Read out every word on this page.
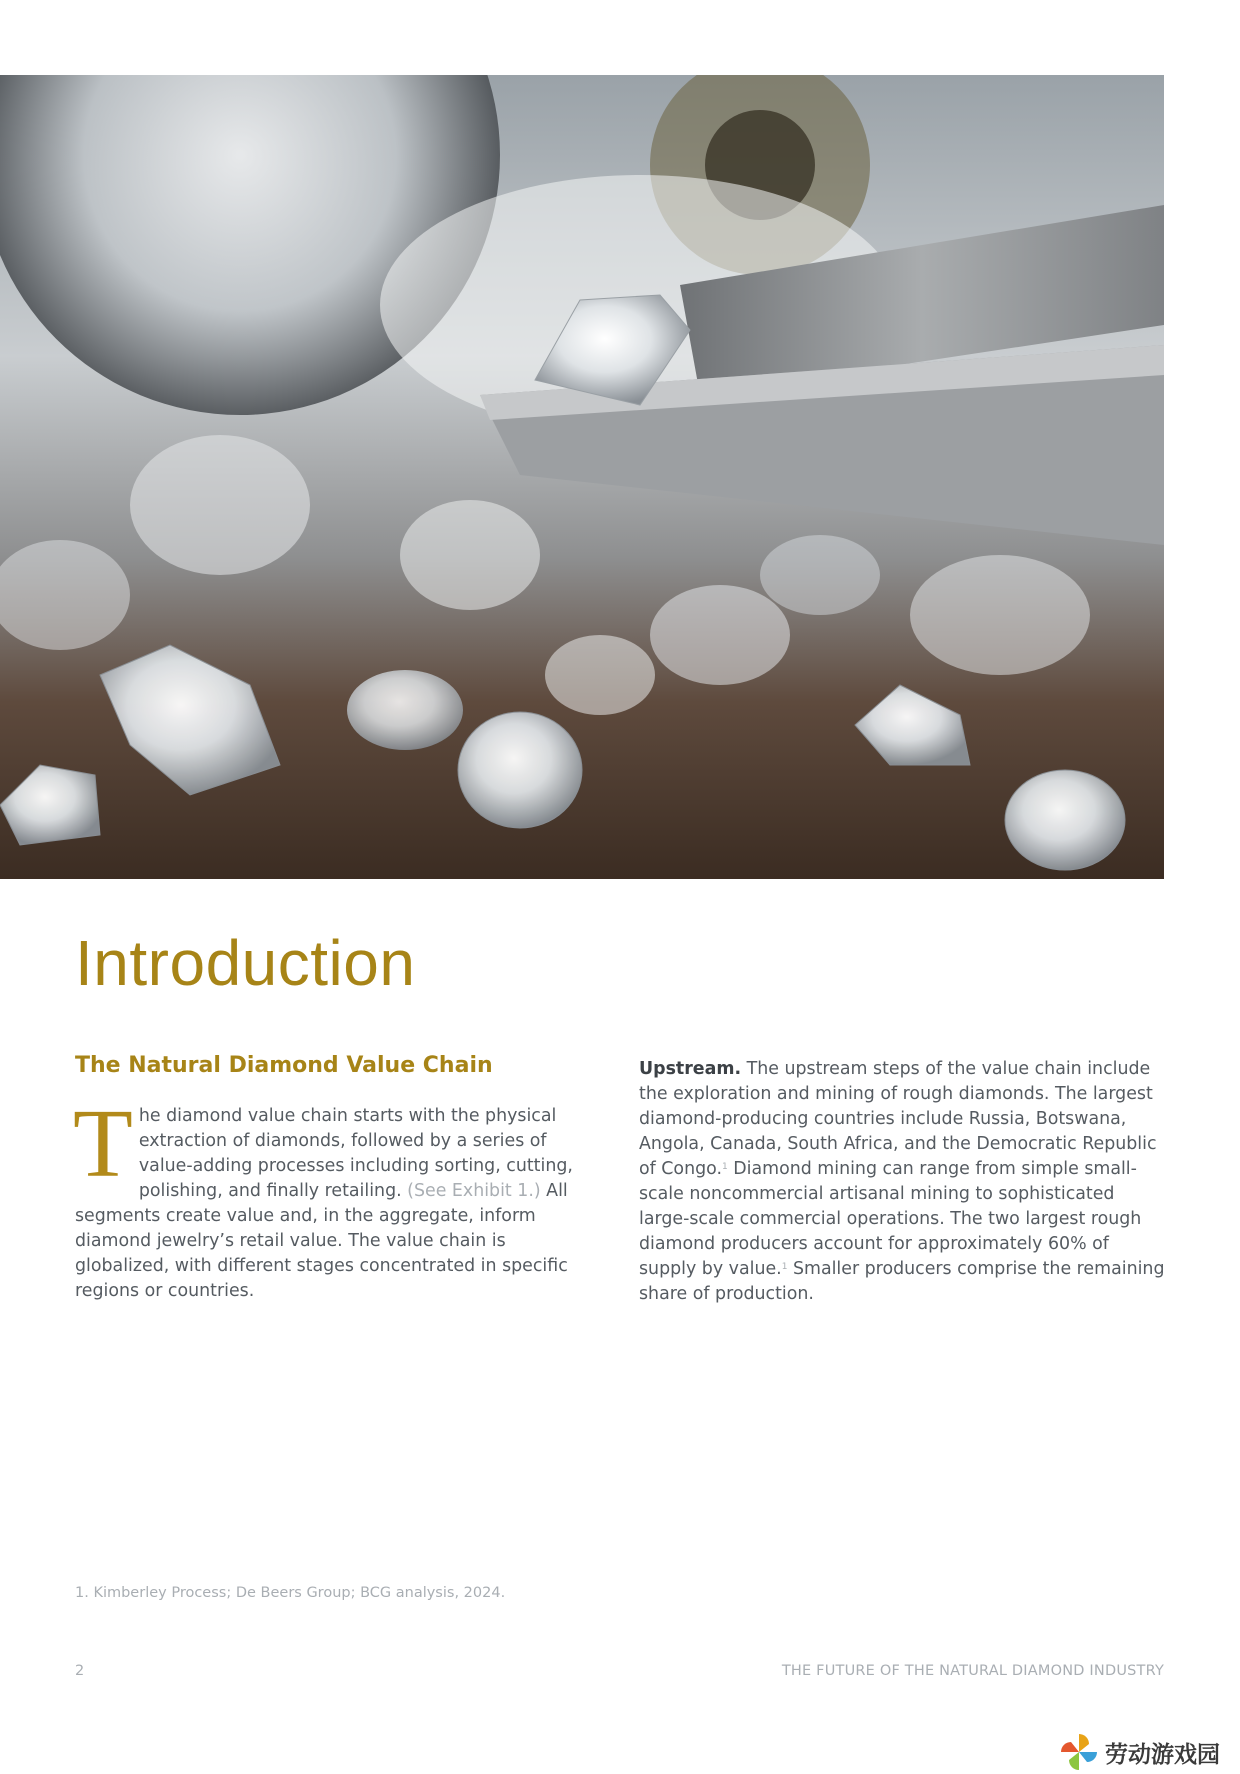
Introduction
The Natural Diamond Value Chain

The diamond value chain starts with the physical extraction of diamonds, followed by a series of value-adding processes including sorting, cutting, polishing, and finally retailing. (See Exhibit 1.) All segments create value and, in the aggregate, inform diamond jewelry’s retail value. The value chain is globalized, with different stages concentrated in specific regions or countries.

Upstream. The upstream steps of the value chain include the exploration and mining of rough diamonds. The largest diamond-producing countries include Russia, Botswana, Angola, Canada, South Africa, and the Democratic Republic of Congo.$^1$ Diamond mining can range from simple small-scale noncommercial artisanal mining to sophisticated large-scale commercial operations. The two largest rough diamond producers account for approximately 60% of supply by value.$^1$ Smaller producers comprise the remaining share of production.

1. Kimberley Process; De Beers Group; BCG analysis, 2024.
2	THE FUTURE OF THE NATURAL DIAMOND INDUSTRY
劳动游戏园
